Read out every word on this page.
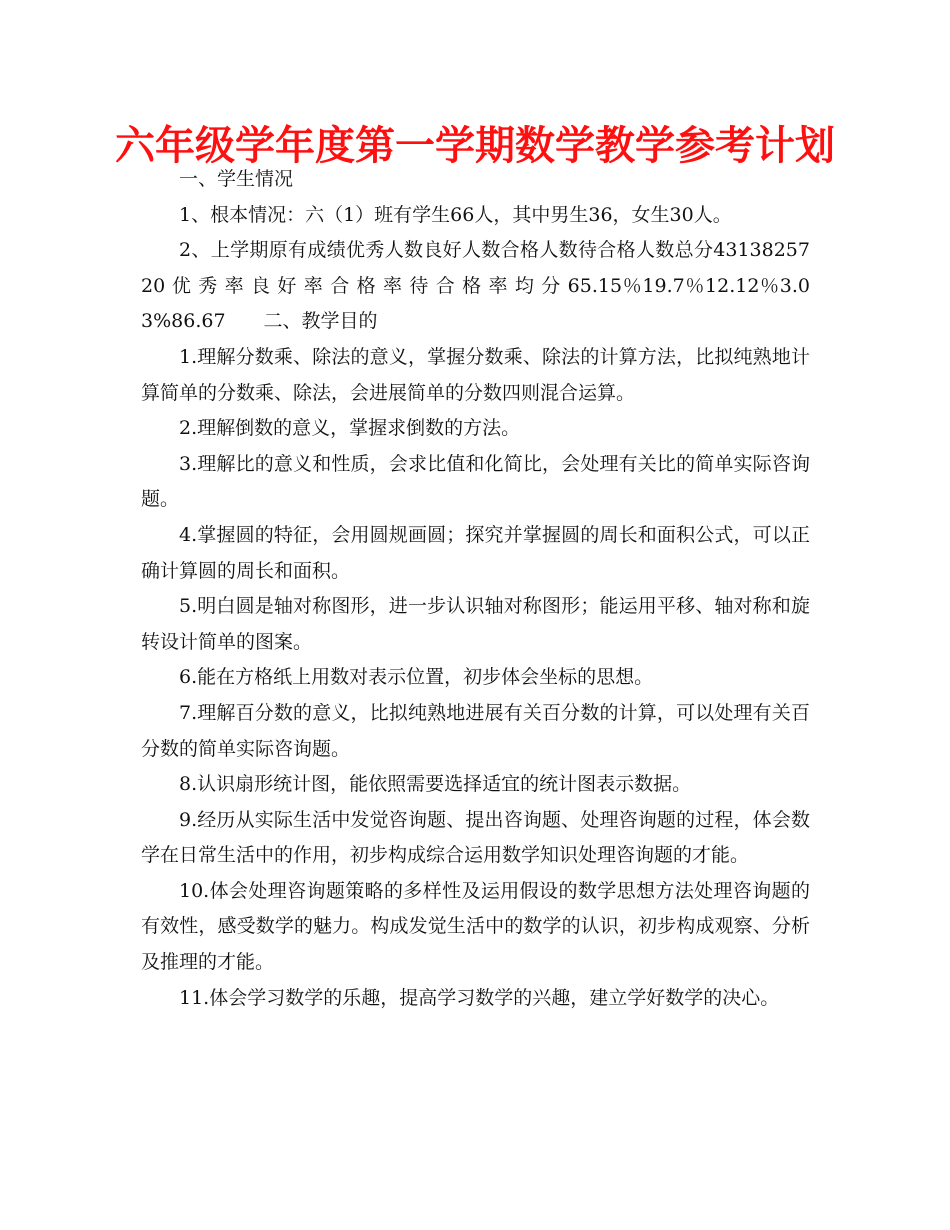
六年级学年度第一学期数学教学参考计划

一、学生情况

1、根本情况：六（1）班有学生66人，其中男生36，女生30人。

2、上学期原有成绩优秀人数良好人数合格人数待合格人数总分4313825720 优 秀 率 良 好 率 合 格 率 待 合 格 率 均 分 65.15％19.7％12.12％3.03%86.67　　二、教学目的

1.理解分数乘、除法的意义，掌握分数乘、除法的计算方法，比拟纯熟地计算简单的分数乘、除法，会进展简单的分数四则混合运算。

2.理解倒数的意义，掌握求倒数的方法。

3.理解比的意义和性质，会求比值和化简比，会处理有关比的简单实际咨询题。

4.掌握圆的特征，会用圆规画圆；探究并掌握圆的周长和面积公式，可以正确计算圆的周长和面积。

5.明白圆是轴对称图形，进一步认识轴对称图形；能运用平移、轴对称和旋转设计简单的图案。

6.能在方格纸上用数对表示位置，初步体会坐标的思想。

7.理解百分数的意义，比拟纯熟地进展有关百分数的计算，可以处理有关百分数的简单实际咨询题。

8.认识扇形统计图，能依照需要选择适宜的统计图表示数据。

9.经历从实际生活中发觉咨询题、提出咨询题、处理咨询题的过程，体会数学在日常生活中的作用，初步构成综合运用数学知识处理咨询题的才能。

10.体会处理咨询题策略的多样性及运用假设的数学思想方法处理咨询题的有效性，感受数学的魅力。构成发觉生活中的数学的认识，初步构成观察、分析及推理的才能。

11.体会学习数学的乐趣，提高学习数学的兴趣，建立学好数学的决心。
